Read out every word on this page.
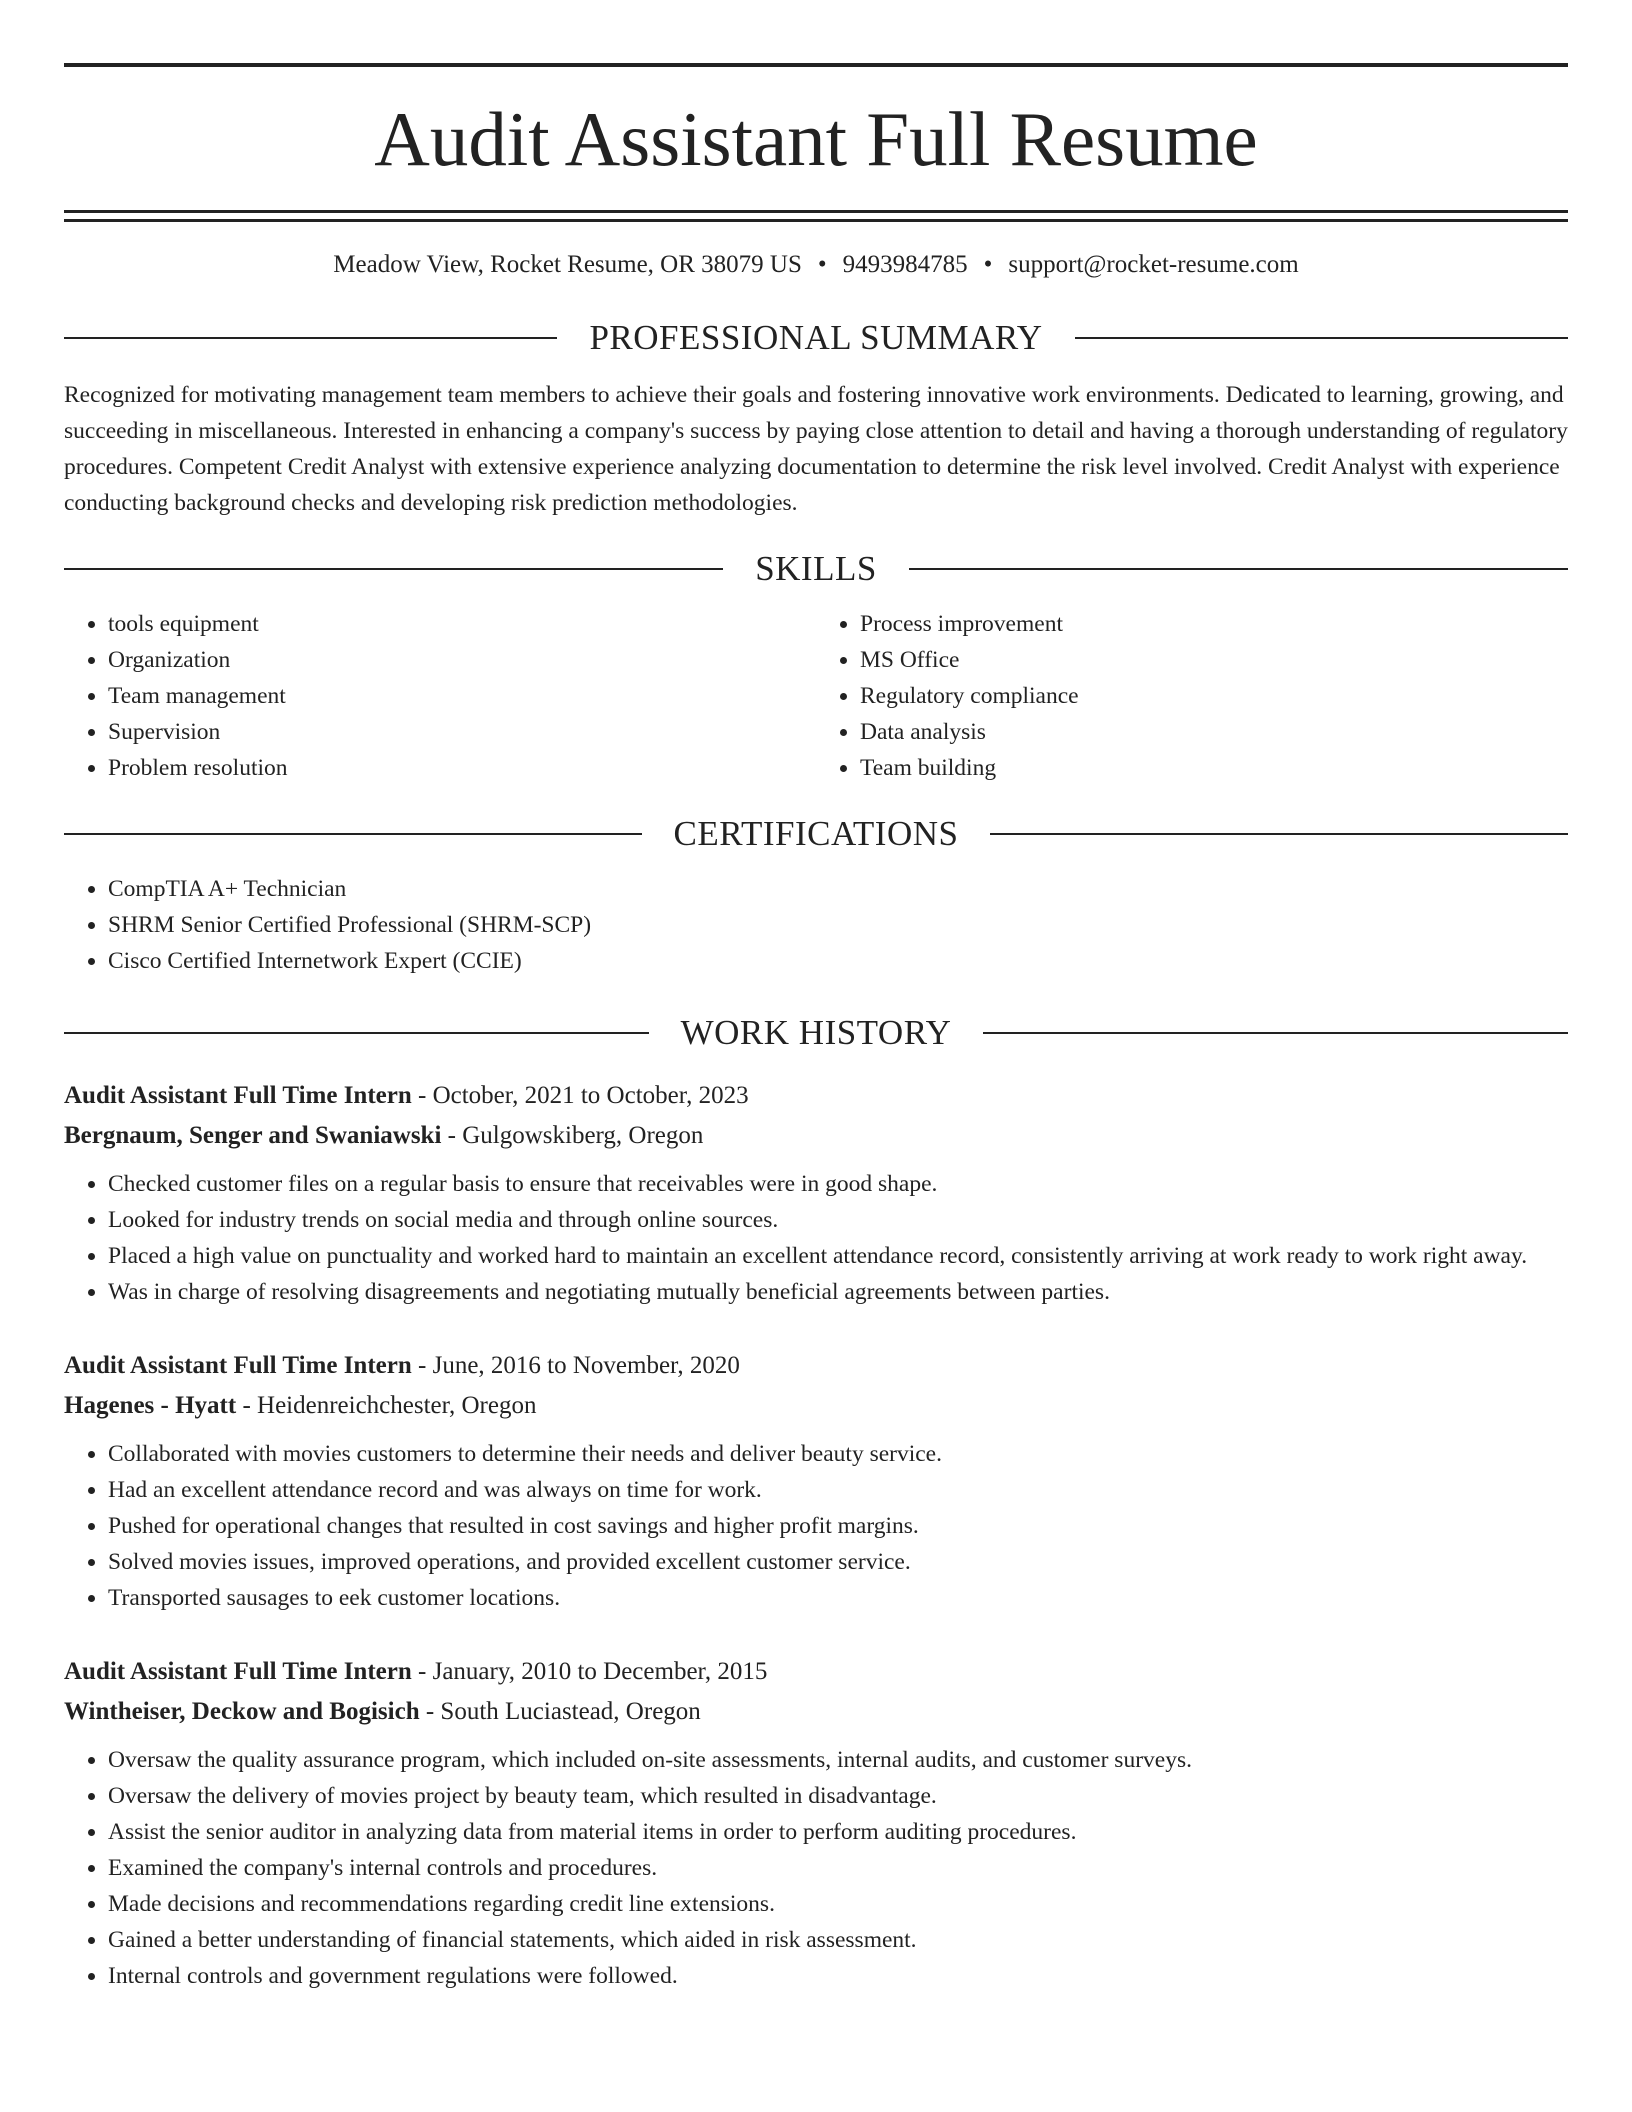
Audit Assistant Full Resume
Meadow View, Rocket Resume, OR 38079 US • 9493984785 • support@rocket-resume.com
PROFESSIONAL SUMMARY

Recognized for motivating management team members to achieve their goals and fostering innovative work environments. Dedicated to learning, growing, and succeeding in miscellaneous. Interested in enhancing a company's success by paying close attention to detail and having a thorough understanding of regulatory procedures. Competent Credit Analyst with extensive experience analyzing documentation to determine the risk level involved. Credit Analyst with experience conducting background checks and developing risk prediction methodologies.

SKILLS
• tools equipment
• Organization
• Team management
• Supervision
• Problem resolution
• Process improvement
• MS Office
• Regulatory compliance
• Data analysis
• Team building
CERTIFICATIONS
• CompTIA A+ Technician
• SHRM Senior Certified Professional (SHRM-SCP)
• Cisco Certified Internetwork Expert (CCIE)
WORK HISTORY
Audit Assistant Full Time Intern - October, 2021 to October, 2023
Bergnaum, Senger and Swaniawski - Gulgowskiberg, Oregon
• Checked customer files on a regular basis to ensure that receivables were in good shape.
• Looked for industry trends on social media and through online sources.
• Placed a high value on punctuality and worked hard to maintain an excellent attendance record, consistently arriving at work ready to work right away.
• Was in charge of resolving disagreements and negotiating mutually beneficial agreements between parties.
Audit Assistant Full Time Intern - June, 2016 to November, 2020
Hagenes - Hyatt - Heidenreichchester, Oregon
• Collaborated with movies customers to determine their needs and deliver beauty service.
• Had an excellent attendance record and was always on time for work.
• Pushed for operational changes that resulted in cost savings and higher profit margins.
• Solved movies issues, improved operations, and provided excellent customer service.
• Transported sausages to eek customer locations.
Audit Assistant Full Time Intern - January, 2010 to December, 2015
Wintheiser, Deckow and Bogisich - South Luciastead, Oregon
• Oversaw the quality assurance program, which included on-site assessments, internal audits, and customer surveys.
• Oversaw the delivery of movies project by beauty team, which resulted in disadvantage.
• Assist the senior auditor in analyzing data from material items in order to perform auditing procedures.
• Examined the company's internal controls and procedures.
• Made decisions and recommendations regarding credit line extensions.
• Gained a better understanding of financial statements, which aided in risk assessment.
• Internal controls and government regulations were followed.
